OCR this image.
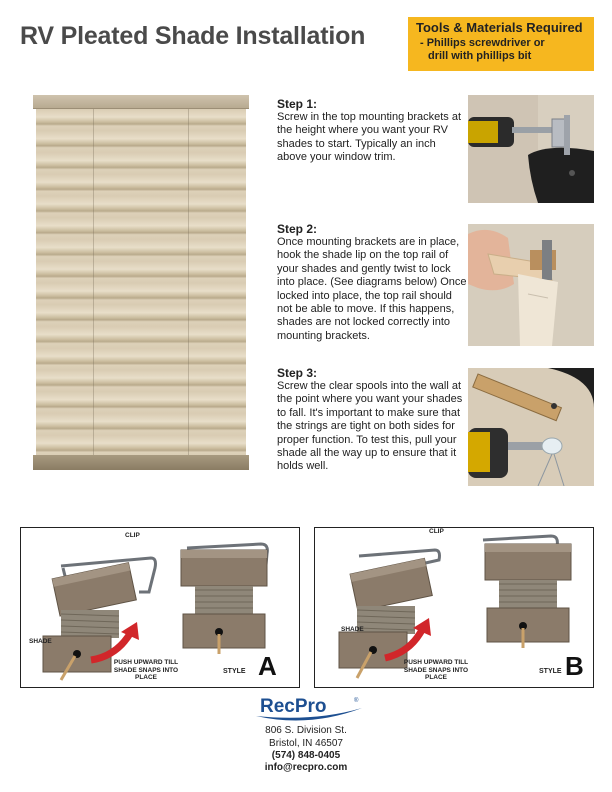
RV Pleated Shade Installation	Tools & Materials Required
- Phillips screwdriver or
drill with phillips bit
Step 1:
Screw in the top mounting brackets at the height where you want your RV shades to start. Typically an inch above your window trim.
Step 2:
Once mounting brackets are in place, hook the shade lip on the top rail of your shades and gently twist to lock into place. (See diagrams below) Once locked into place, the top rail should not be able to move. If this happens, shades are not locked correctly into mounting brackets.
Step 3:
Screw the clear spools into the wall at the point where you want your shades to fall. It's important to make sure that the strings are tight on both sides for proper function. To test this, pull your shade all the way up to ensure that it holds well.
CLIP
SHADE
PUSH UPWARD TILL SHADE SNAPS INTO PLACE
STYLE A
CLIP
SHADE
PUSH UPWARD TILL SHADE SNAPS INTO PLACE
STYLE B
RecPro	®
806 S. Division St.
Bristol, IN 46507
(574) 848-0405
info@recpro.com
